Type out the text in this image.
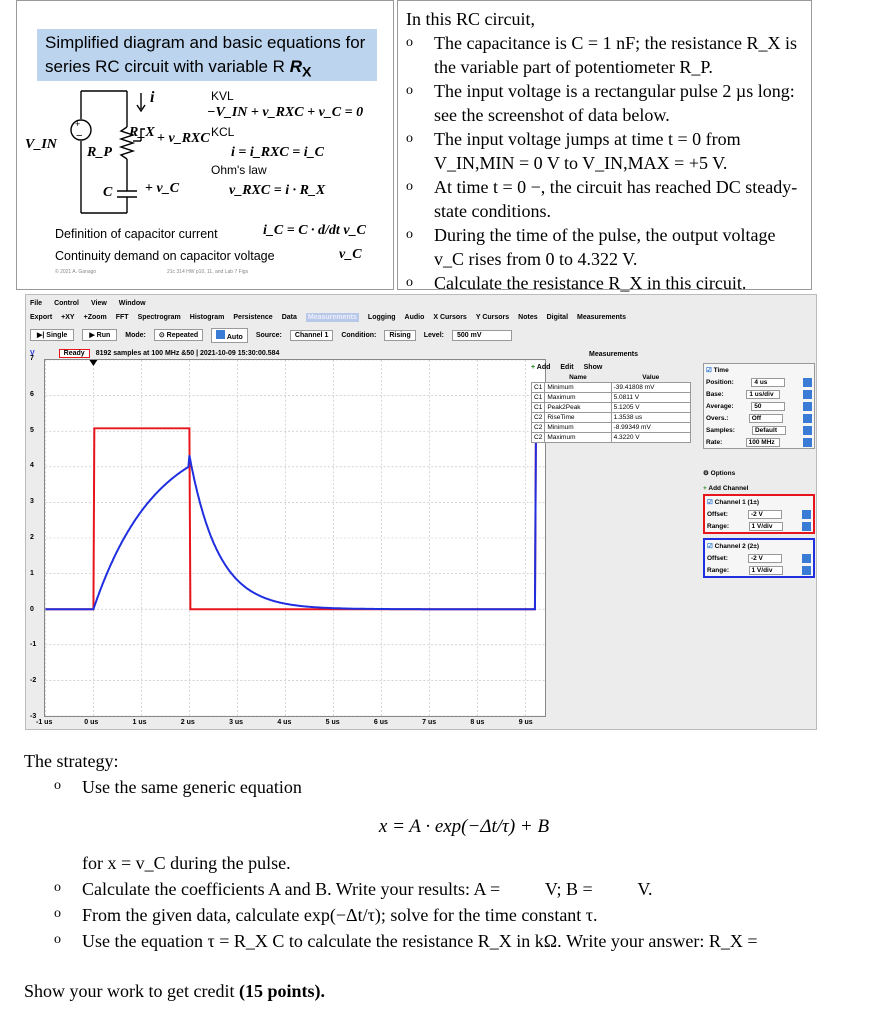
Simplified diagram and basic equations for series RC circuit with variable R $R_X$
+
−
i
R_X + v_RXC
V_IN
R_P
C + v_C
KVL
−V_IN + v_RXC + v_C = 0
KCL
i = i_RXC = i_C
Ohm's law
v_RXC = i · R_X
Definition of capacitor current	i_C = C · d/dt v_C
Continuity demand on capacitor voltage	v_C
© 2021 A. Ganago	21c 314 HW p10, 11, and Lab 7 Figs
In this RC circuit,
o	The capacitance is C = 1 nF; the resistance R_X is the variable part of potentiometer R_P.
o	The input voltage is a rectangular pulse 2 µs long: see the screenshot of data below.
o	The input voltage jumps at time t = 0 from V_IN,MIN = 0 V to V_IN,MAX = +5 V.
o	At time t = 0 −, the circuit has reached DC steady-state conditions.
o	During the time of the pulse, the output voltage v_C rises from 0 to 4.322 V.
o	Calculate the resistance R_X in this circuit.
File Control View Window
Export +XY +Zoom FFT Spectrogram Histogram Persistence Data Measurements Logging Audio X Cursors Y Cursors Notes Digital Measurements
▶| Single	▶ Run	Mode:	⊙ Repeated	Auto	Source:	Channel 1	Condition:	Rising	Level:	500 mV
V	Ready	8192 samples at 100 MHz &50 | 2021-10-09 15:30:00.584
7
6
5
4
3
2
1
0
-1
-2
-3
-1 us	0 us	1 us	2 us	3 us	4 us	5 us	6 us	7 us	8 us	9 us
Measurements
+ Add Edit Show
	Name	Value
C1	Minimum	-39.41808 mV
C1	Maximum	5.0811 V
C1	Peak2Peak	5.1205 V
C2	RiseTime	1.3538 us
C2	Minimum	-8.99349 mV
C2	Maximum	4.3220 V
☑ Time
Position:	4 us
Base:	1 us/div
Average:	50
Overs.:	Off
Samples:	Default
Rate:	100 MHz
⚙ Options
+ Add Channel
☑ Channel 1 (1±)
Offset:	-2 V
Range:	1 V/div
☑ Channel 2 (2±)
Offset:	-2 V
Range:	1 V/div
The strategy:
o	Use the same generic equation
x = A · exp(−Δt/τ) + B
for x = v_C during the pulse.
o	Calculate the coefficients A and B. Write your results: A =          V; B =          V.
o	From the given data, calculate exp(−Δt/τ); solve for the time constant τ.
o	Use the equation τ = R_X C to calculate the resistance R_X in kΩ. Write your answer: R_X =
Show your work to get credit (15 points).
